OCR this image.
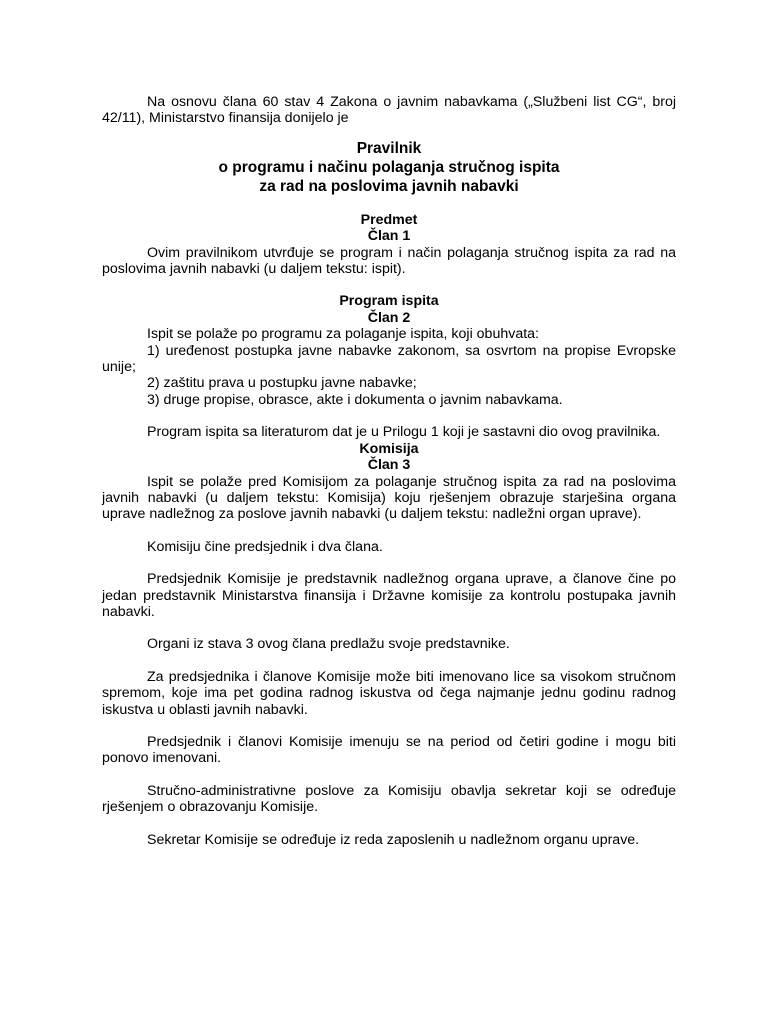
Na osnovu člana 60 stav 4 Zakona o javnim nabavkama („Službeni list CG“, broj 42/11), Ministarstvo finansija donijelo je

Pravilnik
o programu i načinu polaganja stručnog ispita
za rad na poslovima javnih nabavki
Predmet
Član 1

Ovim pravilnikom utvrđuje se program i način polaganja stručnog ispita za rad na poslovima javnih nabavki (u daljem tekstu: ispit).

Program ispita
Član 2

Ispit se polaže po programu za polaganje ispita, koji obuhvata:

1) uređenost postupka javne nabavke zakonom, sa osvrtom na propise Evropske unije;

2) zaštitu prava u postupku javne nabavke;

3) druge propise, obrasce, akte i dokumenta o javnim nabavkama.

Program ispita sa literaturom dat je u Prilogu 1 koji je sastavni dio ovog pravilnika.

Komisija
Član 3

Ispit se polaže pred Komisijom za polaganje stručnog ispita za rad na poslovima javnih nabavki (u daljem tekstu: Komisija) koju rješenjem obrazuje starješina organa uprave nadležnog za poslove javnih nabavki (u daljem tekstu: nadležni organ uprave).

Komisiju čine predsjednik i dva člana.

Predsjednik Komisije je predstavnik nadležnog organa uprave, a članove čine po jedan predstavnik Ministarstva finansija i Državne komisije za kontrolu postupaka javnih nabavki.

Organi iz stava 3 ovog člana predlažu svoje predstavnike.

Za predsjednika i članove Komisije može biti imenovano lice sa visokom stručnom spremom, koje ima pet godina radnog iskustva od čega najmanje jednu godinu radnog iskustva u oblasti javnih nabavki.

Predsjednik i članovi Komisije imenuju se na period od četiri godine i mogu biti ponovo imenovani.

Stručno-administrativne poslove za Komisiju obavlja sekretar koji se određuje rješenjem o obrazovanju Komisije.

Sekretar Komisije se određuje iz reda zaposlenih u nadležnom organu uprave.
